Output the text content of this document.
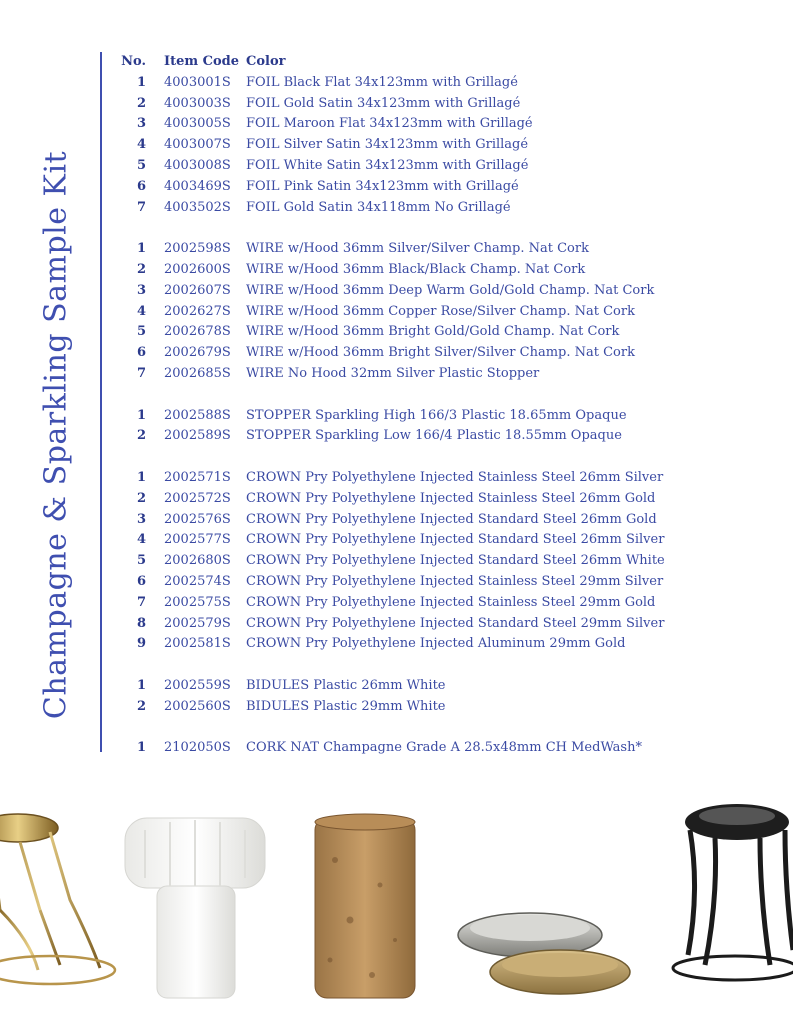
Champagne & Sparkling Sample Kit
No. Item Code Color
1 4003001S FOIL Black Flat 34x123mm with Grillagé
2 4003003S FOIL Gold Satin 34x123mm with Grillagé
3 4003005S FOIL Maroon Flat 34x123mm with Grillagé
4 4003007S FOIL Silver Satin 34x123mm with Grillagé
5 4003008S FOIL White Satin 34x123mm with Grillagé
6 4003469S FOIL Pink Satin 34x123mm with Grillagé
7 4003502S FOIL Gold Satin 34x118mm No Grillagé
1 2002598S WIRE w/Hood 36mm Silver/Silver Champ. Nat Cork
2 2002600S WIRE w/Hood 36mm Black/Black Champ. Nat Cork
3 2002607S WIRE w/Hood 36mm Deep Warm Gold/Gold Champ. Nat Cork
4 2002627S WIRE w/Hood 36mm Copper Rose/Silver Champ. Nat Cork
5 2002678S WIRE w/Hood 36mm Bright Gold/Gold Champ. Nat Cork
6 2002679S WIRE w/Hood 36mm Bright Silver/Silver Champ. Nat Cork
7 2002685S WIRE No Hood 32mm Silver Plastic Stopper
1 2002588S STOPPER Sparkling High 166/3 Plastic 18.65mm Opaque
2 2002589S STOPPER Sparkling Low 166/4 Plastic 18.55mm Opaque
1 2002571S CROWN Pry Polyethylene Injected Stainless Steel 26mm Silver
2 2002572S CROWN Pry Polyethylene Injected Stainless Steel 26mm Gold
3 2002576S CROWN Pry Polyethylene Injected Standard Steel 26mm Gold
4 2002577S CROWN Pry Polyethylene Injected Standard Steel 26mm Silver
5 2002680S CROWN Pry Polyethylene Injected Standard Steel 26mm White
6 2002574S CROWN Pry Polyethylene Injected Stainless Steel 29mm Silver
7 2002575S CROWN Pry Polyethylene Injected Stainless Steel 29mm Gold
8 2002579S CROWN Pry Polyethylene Injected Standard Steel 29mm Silver
9 2002581S CROWN Pry Polyethylene Injected Aluminum 29mm Gold
1 2002559S BIDULES Plastic 26mm White
2 2002560S BIDULES Plastic 29mm White
1 2102050S CORK NAT Champagne Grade A 28.5x48mm CH MedWash*
